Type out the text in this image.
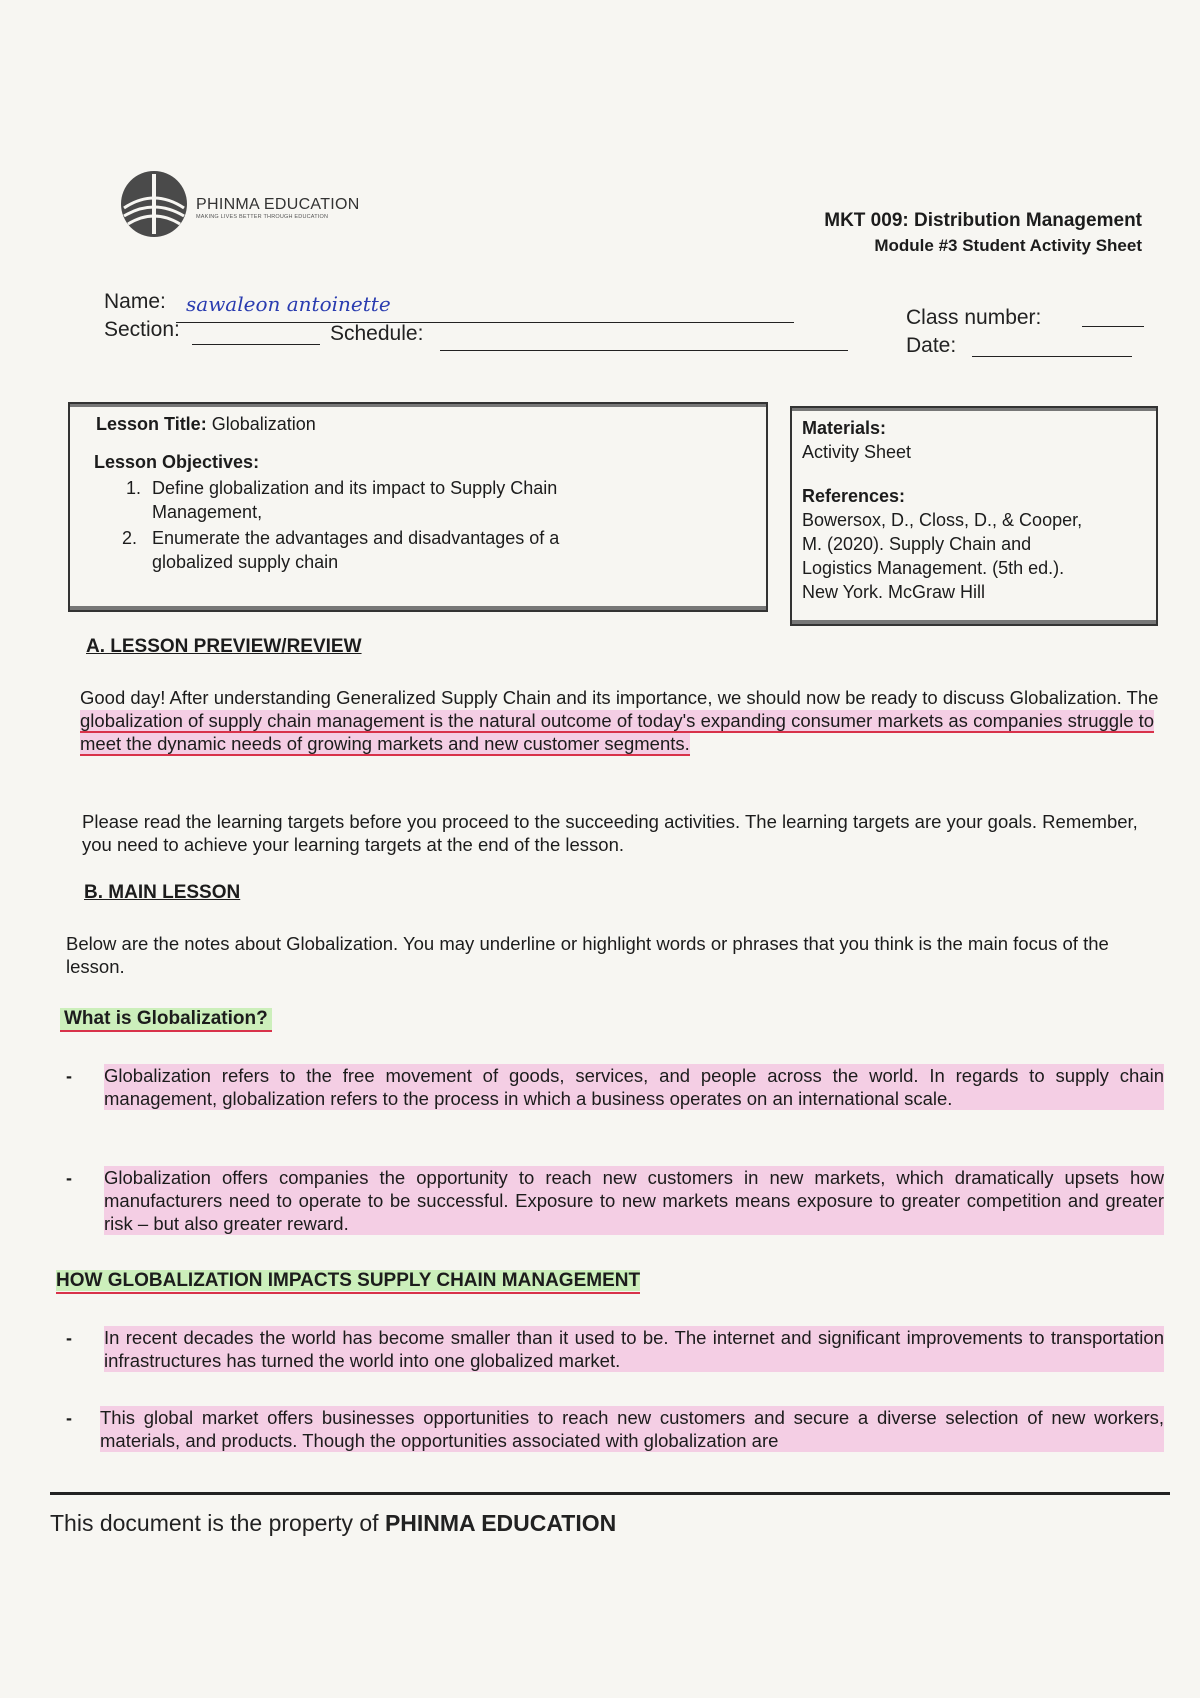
PHINMA EDUCATION
MAKING LIVES BETTER THROUGH EDUCATION	MKT 009: Distribution Management
Module #3 Student Activity Sheet
Name: sawaleon antoinette
Section:	Schedule:
Class number:
Date:
Lesson Title: Globalization
Lesson Objectives:
1. Define globalization and its impact to Supply Chain
Management,
2. Enumerate the advantages and disadvantages of a
globalized supply chain
Materials:
Activity Sheet
References:
Bowersox, D., Closs, D., & Cooper,
M. (2020). Supply Chain and
Logistics Management. (5th ed.).
New York. McGraw Hill
A. LESSON PREVIEW/REVIEW
Good day! After understanding Generalized Supply Chain and its importance, we should now be ready to discuss Globalization. The globalization of supply chain management is the natural outcome of today's expanding consumer markets as companies struggle to meet the dynamic needs of growing markets and new customer segments.
Please read the learning targets before you proceed to the succeeding activities. The learning targets are your goals. Remember, you need to achieve your learning targets at the end of the lesson.
B. MAIN LESSON
Below are the notes about Globalization. You may underline or highlight words or phrases that you think is the main focus of the lesson.
What is Globalization?
- Globalization refers to the free movement of goods, services, and people across the world. In regards to supply chain management, globalization refers to the process in which a business operates on an international scale.
- Globalization offers companies the opportunity to reach new customers in new markets, which dramatically upsets how manufacturers need to operate to be successful. Exposure to new markets means exposure to greater competition and greater risk – but also greater reward.
HOW GLOBALIZATION IMPACTS SUPPLY CHAIN MANAGEMENT
- In recent decades the world has become smaller than it used to be. The internet and significant improvements to transportation infrastructures has turned the world into one globalized market.
- This global market offers businesses opportunities to reach new customers and secure a diverse selection of new workers, materials, and products. Though the opportunities associated with globalization are
This document is the property of PHINMA EDUCATION
